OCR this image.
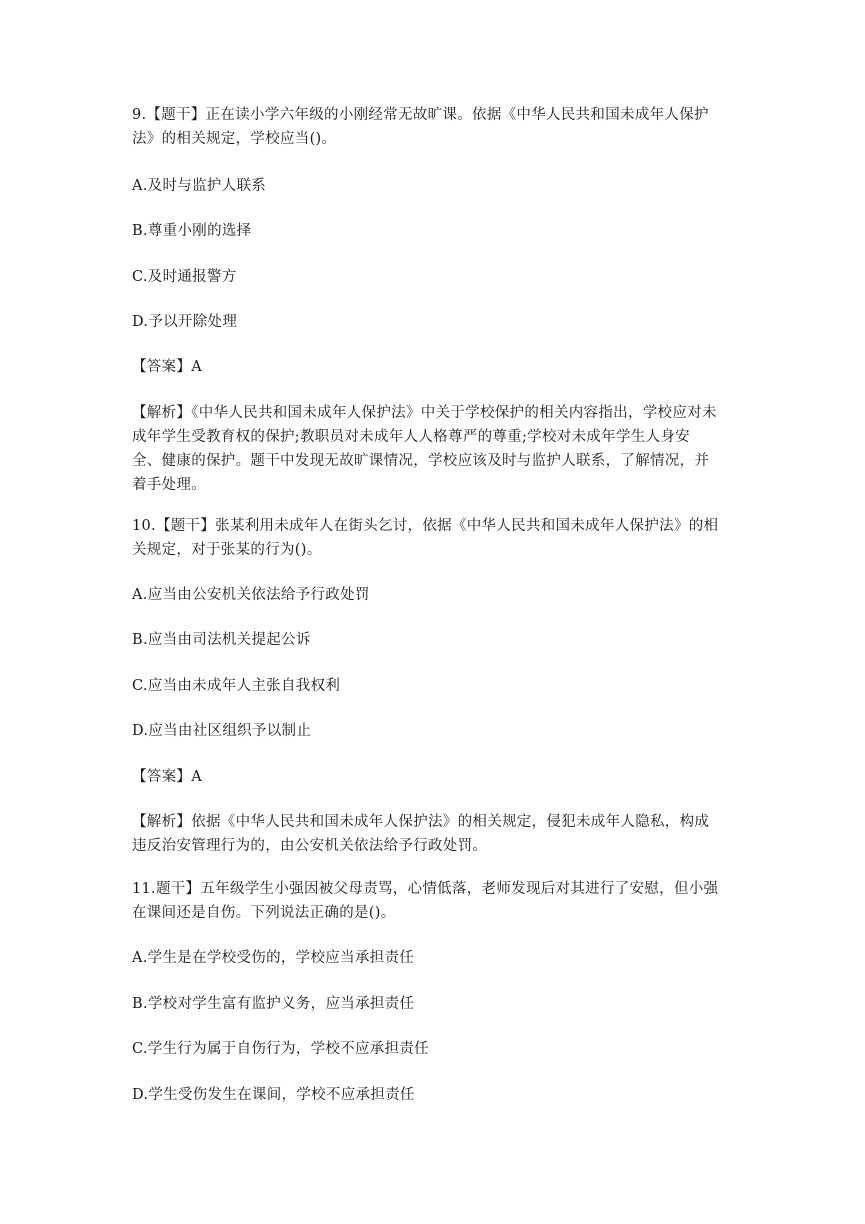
9.【题干】正在读小学六年级的小刚经常无故旷课。依据《中华人民共和国未成年人保护
法》的相关规定，学校应当()。
A.及时与监护人联系
B.尊重小刚的选择
C.及时通报警方
D.予以开除处理
【答案】A
【解析】《中华人民共和国未成年人保护法》中关于学校保护的相关内容指出，学校应对未
成年学生受教育权的保护;教职员对未成年人人格尊严的尊重;学校对未成年学生人身安
全、健康的保护。题干中发现无故旷课情况，学校应该及时与监护人联系，了解情况，并
着手处理。
10.【题干】张某利用未成年人在街头乞讨，依据《中华人民共和国未成年人保护法》的相
关规定，对于张某的行为()。
A.应当由公安机关依法给予行政处罚
B.应当由司法机关提起公诉
C.应当由未成年人主张自我权利
D.应当由社区组织予以制止
【答案】A
【解析】依据《中华人民共和国未成年人保护法》的相关规定，侵犯未成年人隐私，构成
违反治安管理行为的，由公安机关依法给予行政处罚。
11.题干】五年级学生小强因被父母责骂，心情低落，老师发现后对其进行了安慰，但小强
在课间还是自伤。下列说法正确的是()。
A.学生是在学校受伤的，学校应当承担责任
B.学校对学生富有监护义务，应当承担责任
C.学生行为属于自伤行为，学校不应承担责任
D.学生受伤发生在课间，学校不应承担责任
